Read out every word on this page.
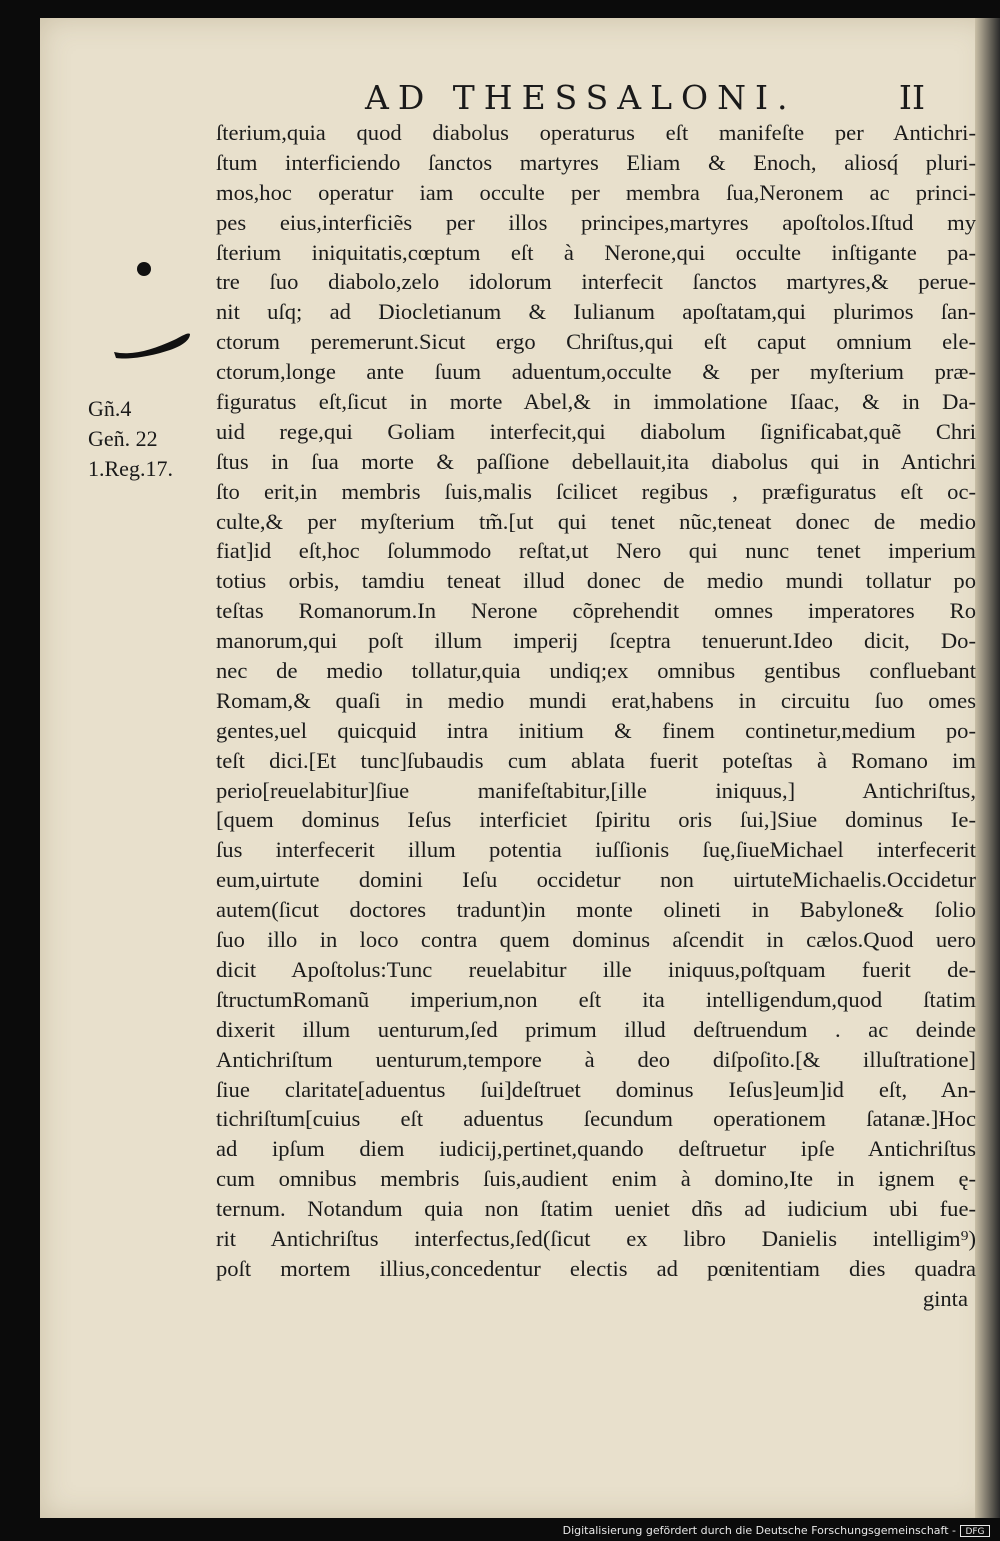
AD THESSALONI.	II
Gñ.4
Geñ. 22
1.Reg.17.
ſterium,quia quod diabolus operaturus eſt manifeſte per Antichri-
ſtum interficiendo ſanctos martyres Eliam & Enoch, aliosq́ pluri-
mos,hoc operatur iam occulte per membra ſua,Neronem ac princi-
pes eius,interficiẽs per illos principes,martyres apoſtolos.Iſtud my
ſterium iniquitatis,cœptum eſt à Nerone,qui occulte inſtigante pa-
tre ſuo diabolo,zelo idolorum interfecit ſanctos martyres,& perue-
nit uſq; ad Diocletianum & Iulianum apoſtatam,qui plurimos ſan-
ctorum peremerunt.Sicut ergo Chriſtus,qui eſt caput omnium ele-
ctorum,longe ante ſuum aduentum,occulte & per myſterium præ-
figuratus eſt,ſicut in morte Abel,& in immolatione Iſaac, & in Da-
uid rege,qui Goliam interfecit,qui diabolum ſignificabat,quẽ Chri
ſtus in ſua morte & paſſione debellauit,ita diabolus qui in Antichri
ſto erit,in membris ſuis,malis ſcilicet regibus , præfiguratus eſt oc-
culte,& per myſterium tm̃.[ut qui tenet nũc,teneat donec de medio
fiat]id eſt,hoc ſolummodo reſtat,ut Nero qui nunc tenet imperium
totius orbis, tamdiu teneat illud donec de medio mundi tollatur po
teſtas Romanorum.In Nerone cõprehendit omnes imperatores Ro
manorum,qui poſt illum imperij ſceptra tenuerunt.Ideo dicit, Do-
nec de medio tollatur,quia undiq;ex omnibus gentibus confluebant
Romam,& quaſi in medio mundi erat,habens in circuitu ſuo omes
gentes,uel quicquid intra initium & finem continetur,medium po-
teſt dici.[Et tunc]ſubaudis cum ablata fuerit poteſtas à Romano im
perio[reuelabitur]ſiue manifeſtabitur,[ille iniquus,] Antichriſtus,
[quem dominus Ieſus interficiet ſpiritu oris ſui,]Siue dominus Ie-
ſus interfecerit illum potentia iuſſionis ſuę,ſiueMichael interfecerit
eum,uirtute domini Ieſu occidetur non uirtuteMichaelis.Occidetur
autem(ſicut doctores tradunt)in monte olineti in Babylone& ſolio
ſuo illo in loco contra quem dominus aſcendit in cælos.Quod uero
dicit Apoſtolus:Tunc reuelabitur ille iniquus,poſtquam fuerit de-
ſtructumRomanũ imperium,non eſt ita intelligendum,quod ſtatim
dixerit illum uenturum,ſed primum illud deſtruendum . ac deinde
Antichriſtum uenturum,tempore à deo diſpoſito.[& illuſtratione]
ſiue claritate[aduentus ſui]deſtruet dominus Ieſus]eum]id eſt, An-
tichriſtum[cuius eſt aduentus ſecundum operationem ſatanæ.]Hoc
ad ipſum diem iudicij,pertinet,quando deſtruetur ipſe Antichriſtus
cum omnibus membris ſuis,audient enim à domino,Ite in ignem ę-
ternum. Notandum quia non ſtatim ueniet dñs ad iudicium ubi fue-
rit Antichriſtus interfectus,ſed(ſicut ex libro Danielis intelligim⁹)
poſt mortem illius,concedentur electis ad pœnitentiam dies quadra
ginta
Digitalisierung gefördert durch die Deutsche Forschungsgemeinschaft -	DFG
